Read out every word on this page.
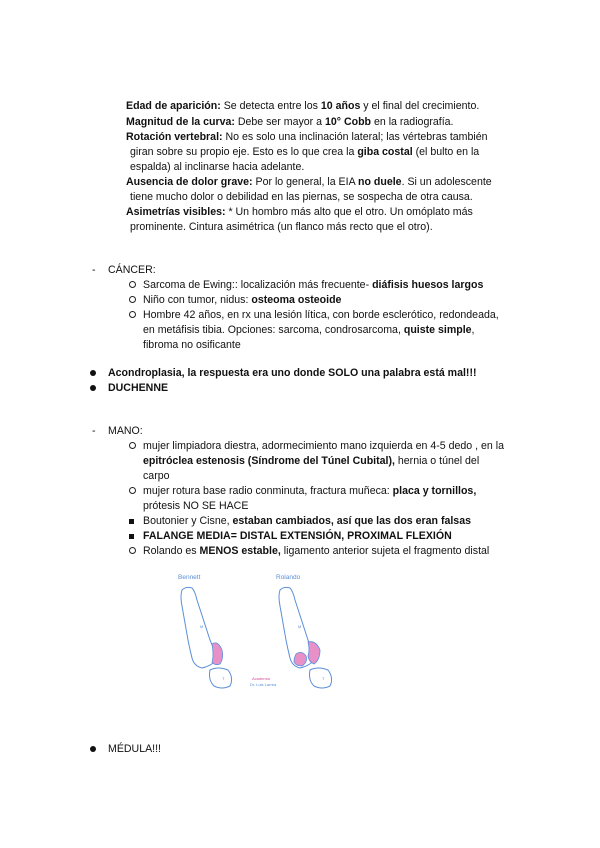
Edad de aparición: Se detecta entre los 10 años y el final del crecimiento.
Magnitud de la curva: Debe ser mayor a 10° Cobb en la radiografía.
Rotación vertebral: No es solo una inclinación lateral; las vértebras también
giran sobre su propio eje. Esto es lo que crea la giba costal (el bulto en la
espalda) al inclinarse hacia adelante.
Ausencia de dolor grave: Por lo general, la EIA no duele. Si un adolescente
tiene mucho dolor o debilidad en las piernas, se sospecha de otra causa.
Asimetrías visibles: * Un hombro más alto que el otro. Un omóplato más
prominente. Cintura asimétrica (un flanco más recto que el otro).
- CÁNCER:
Sarcoma de Ewing:: localización más frecuente- diáfisis huesos largos
Niño con tumor, nidus: osteoma osteoide
Hombre 42 años, en rx una lesión lítica, con borde esclerótico, redondeada,
en metáfisis tibia. Opciones: sarcoma, condrosarcoma, quiste simple,
fibroma no osificante
Acondroplasia, la respuesta era uno donde SOLO una palabra está mal!!!
DUCHENNE
- MANO:
mujer limpiadora diestra, adormecimiento mano izquierda en 4-5 dedo , en la
epitróclea estenosis (Síndrome del Túnel Cubital), hernia o túnel del
carpo
mujer rotura base radio conminuta, fractura muñeca: placa y tornillos,
prótesis NO SE HACE
Boutonier y Cisne, estaban cambiados, así que las dos eran falsas
FALANGE MEDIA= DISTAL EXTENSIÓN, PROXIMAL FLEXIÓN
Rolando es MENOS estable, ligamento anterior sujeta el fragmento distal
Bennett	Rolando
M
T
M
T
Academia
Dr. Luis Larrea
MÉDULA!!!
